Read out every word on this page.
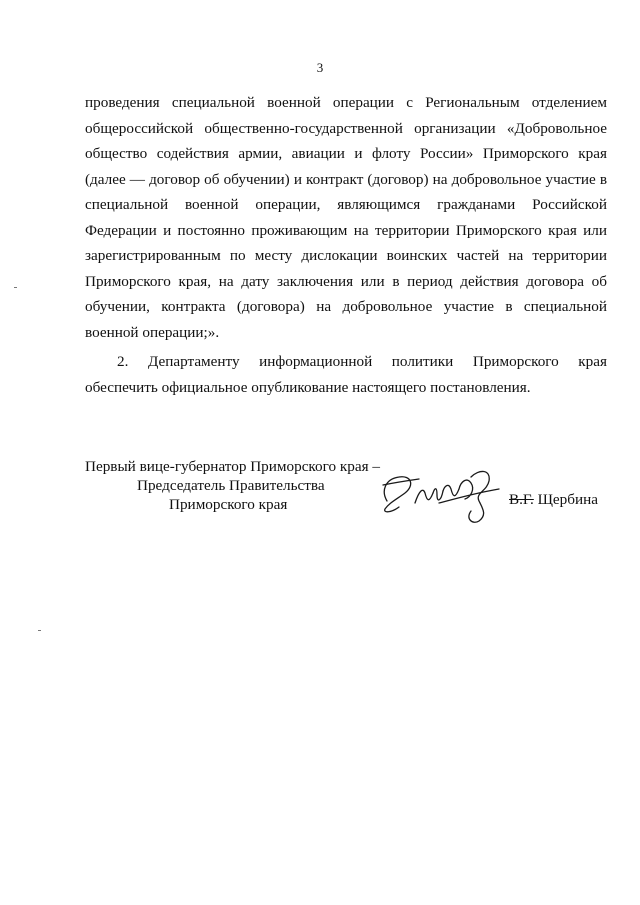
3
проведения специальной военной операции с Региональным отделением
общероссийской общественно-государственной организации «Добровольное
общество содействия армии, авиации и флоту России» Приморского края
(далее — договор об обучении) и контракт (договор) на добровольное участие в
специальной военной операции, являющимся гражданами Российской
Федерации и постоянно проживающим на территории Приморского края или
зарегистрированным по месту дислокации воинских частей на территории
Приморского края, на дату заключения или в период действия договора об
обучении, контракта (договора) на добровольное участие в специальной
военной операции;».
2. Департаменту информационной политики Приморского края
обеспечить официальное опубликование настоящего постановления.
Первый вице-губернатор Приморского края –
Председатель Правительства
Приморского края	В.Г. Щербина
